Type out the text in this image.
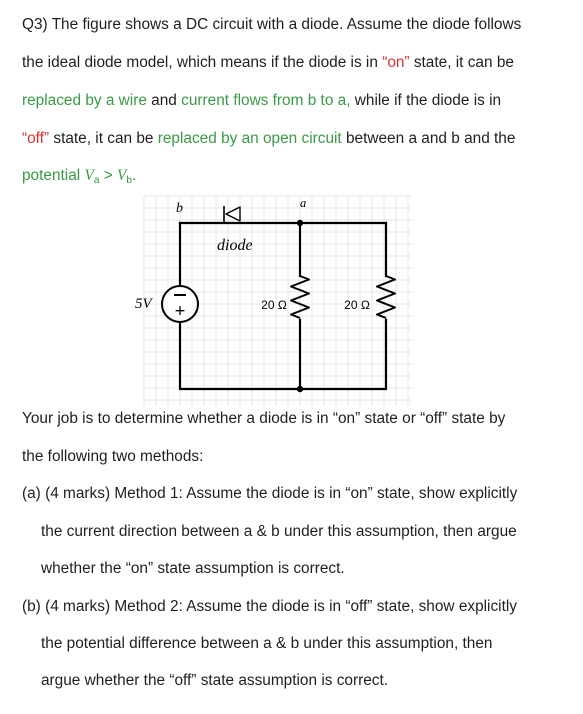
Q3) The figure shows a DC circuit with a diode. Assume the diode follows
the ideal diode model, which means if the diode is in “on” state, it can be
replaced by a wire and current flows from b to a, while if the diode is in
“off” state, it can be replaced by an open circuit between a and b and the
potential $V_a > V_b$.
+
b	a
diode
5V	20 Ω	20 Ω
Your job is to determine whether a diode is in “on” state or “off” state by
the following two methods:
(a) (4 marks) Method 1: Assume the diode is in “on” state, show explicitly
the current direction between a & b under this assumption, then argue
whether the “on” state assumption is correct.
(b) (4 marks) Method 2: Assume the diode is in “off” state, show explicitly
the potential difference between a & b under this assumption, then
argue whether the “off” state assumption is correct.
